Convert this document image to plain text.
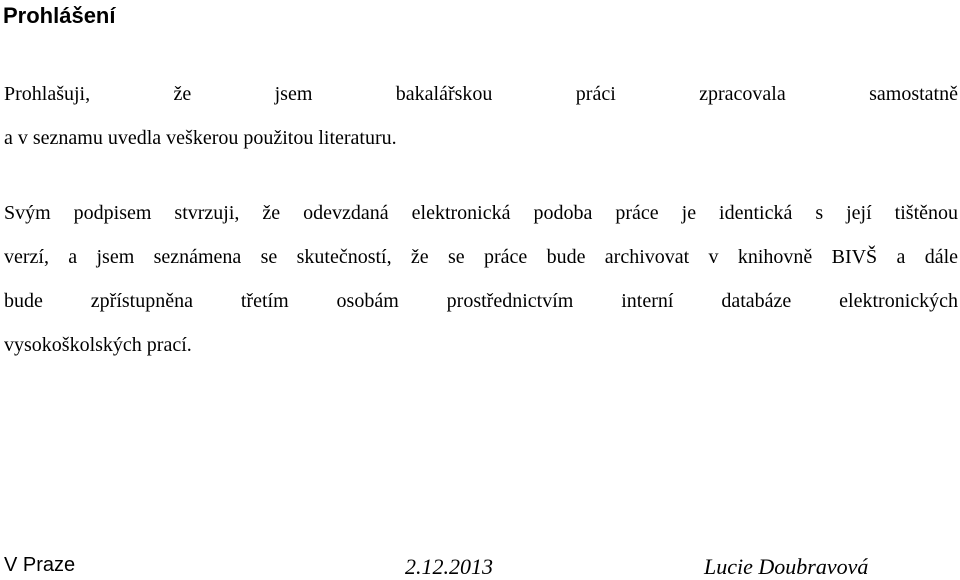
Prohlášení
Prohlašuji, že jsem bakalářskou práci zpracovala samostatně
a v seznamu uvedla veškerou použitou literaturu.
Svým podpisem stvrzuji, že odevzdaná elektronická podoba práce je identická s její tištěnou
verzí, a jsem seznámena se skutečností, že se práce bude archivovat v knihovně BIVŠ a dále
bude zpřístupněna třetím osobám prostřednictvím interní databáze elektronických
vysokoškolských prací.
V Praze	2.12.2013	Lucie Doubravová
